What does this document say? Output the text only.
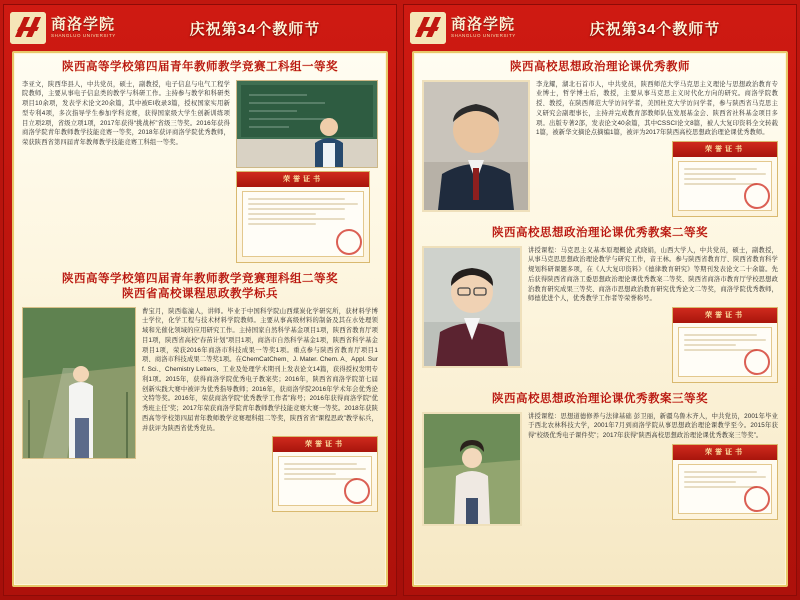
商洛学院
SHANGLUO UNIVERSITY	庆祝第34个教师节
陕西高等学校第四届青年教师教学竞赛工科组一等奖
李亚文，陕西华县人，中共党员，硕士，副教授，电子信息与电气工程学院教师，主要从事电子信息类的教学与科研工作。主持参与教学和科研类项目10余项，发表学术论文20余篇，其中被EI收录3篇，授权国家实用新型专利4项，多次指导学生参加学科竞赛，获得国家级大学生创新训练项目立项2项，省级立项1项，2017年获得“挑战杯”省级三等奖。2016年获得商洛学院青年教师教学技能竞赛一等奖，2018年获评商洛学院优秀教师，荣获陕西省第四届青年教师教学技能竞赛工科组一等奖。
荣誉证书
陕西高等学校第四届青年教师教学竞赛理科组二等奖
陕西省高校课程思政教学标兵
曹宝月，陕西临潼人，讲师。毕业于中国科学院山西煤炭化学研究所，获材料学博士学位，化学工程与技术材料学院教师。主要从事高级材料的制备及其在水处理领域和光催化领域的应用研究工作。主持国家自然科学基金项目1项，陕西省教育厅项目1项，陕西省高校“春苗计划”项目1项，商洛市自然科学基金1项，陕西省科学基金项目1项，荣获2016年商洛市科技成果一等奖1项。重点参与陕西省教育厅项目1项、商洛市科技成果二等奖1项。在ChemCatChem、J. Mater. Chem. A、Appl. Surf. Sci.、Chemistry Letters、工业及处理学术期刊上发表论文14篇，获得授权发明专利1项。2015年，获得商洛学院优秀电子教案奖；2016年，陕西省商洛学院第七届创新实践大赛中被评为优秀指导教师；2016年，获商洛学院2016年学术年会优秀论文特等奖。2016年，荣获商洛学院“优秀教学工作者”称号；2016年获得商洛学院“优秀班主任”奖；2017年荣获商洛学院青年教师教学技能竞赛大赛一等奖。2018年获陕西高等学校第四届青年教师教学竞赛理科组二等奖，陕西省省“课程思政”教学标兵，并获评为陕西省优秀党员。
荣誉证书
商洛学院
SHANGLUO UNIVERSITY	庆祝第34个教师节
陕西高校思想政治理论课优秀教师
李龙耀，湖北石首市人，中共党员，陕西师范大学马克思主义理论与思想政治教育专业博士，哲学博士后，教授，主要从事马克思主义时代化方向的研究。商洛学院教授、教授，在陕西师范大学访问学者，美国杜克大学访问学者，参与陕西省马克思主义研究会副理事长，主持并完成教育部教师队伍发展基金会、陕西省社科基金项目多项。出版专著2部，发表论文40余篇，其中CSSCI论文8篇，被人大复印资料全文转载1篇，被新华文摘论点摘编1篇，被评为2017年陕西高校思想政治理论课优秀教师。
荣誉证书
陕西高校思想政治理论课优秀教案二等奖
讲授课程：马克思主义基本原理概论 武晓娟，山西大学人，中共党员，硕士，副教授，从事马克思思想政治理论教学与研究工作，音王林。参与陕西省教育厅、陕西省教育科学规划科研课题多项，在《人大复印资料》《德律教育研究》等期刊发表论文二十余篇。先后获得陕西省商洛工委思想政治理论课优秀教案二等奖、陕西省商洛市教育厅学校思想政治教育研究成果三等奖、商洛市思想政治教育研究优秀论文二等奖，商洛学院优秀教师，师德优进个人，优秀教学工作者等荣誉称号。
荣誉证书
陕西高校思想政治理论课优秀教案三等奖
讲授课程：思想道德修养与法律基础 彭卫丽，新疆乌鲁木齐人，中共党员，2001年毕业于西北农林科技大学，2001年7月到商洛学院从事思想政治理论课教学至今。2015年获得“校级优秀电子课件奖”；2017年获得“陕西高校思想政治理论课优秀教案三等奖”。
荣誉证书
